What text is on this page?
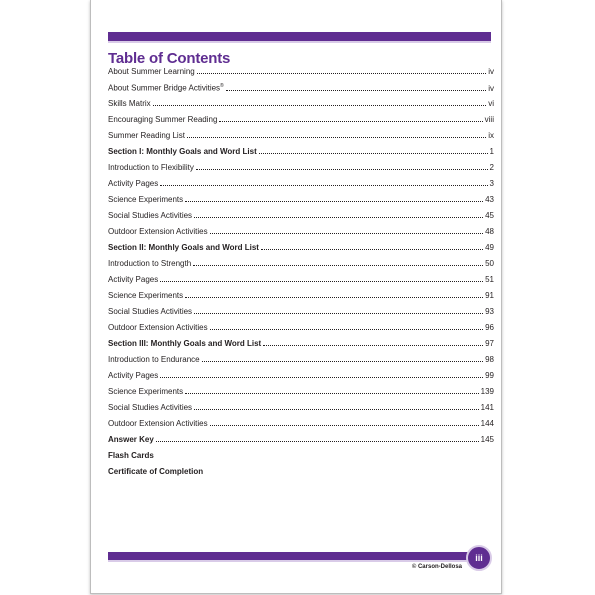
Table of Contents
About Summer Learning	iv
About Summer Bridge Activities®	iv
Skills Matrix	vi
Encouraging Summer Reading	viii
Summer Reading List	ix
Section I: Monthly Goals and Word List	1
Introduction to Flexibility	2
Activity Pages	3
Science Experiments	43
Social Studies Activities	45
Outdoor Extension Activities	48
Section II: Monthly Goals and Word List	49
Introduction to Strength	50
Activity Pages	51
Science Experiments	91
Social Studies Activities	93
Outdoor Extension Activities	96
Section III: Monthly Goals and Word List	97
Introduction to Endurance	98
Activity Pages	99
Science Experiments	139
Social Studies Activities	141
Outdoor Extension Activities	144
Answer Key	145
Flash Cards
Certificate of Completion
iii
© Carson-Dellosa
